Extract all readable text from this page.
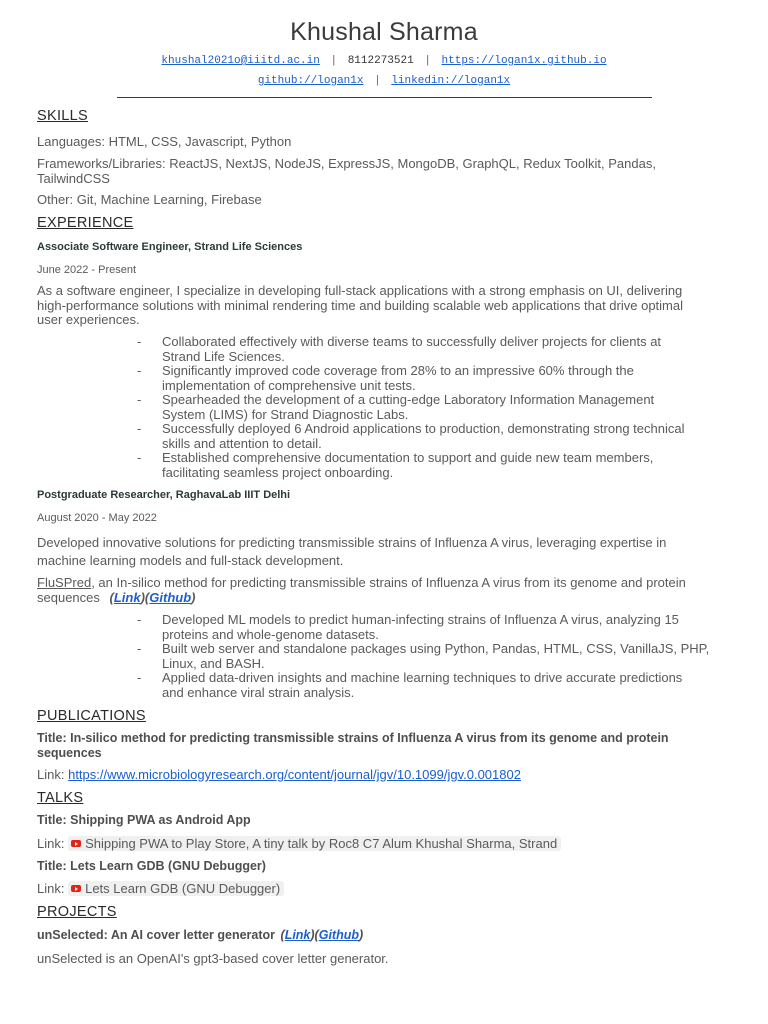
Khushal Sharma
khushal2021o@iiitd.ac.in | 8112273521 | https://logan1x.github.io
github://logan1x | linkedin://logan1x
SKILLS
Languages: HTML, CSS, Javascript, Python
Frameworks/Libraries: ReactJS, NextJS, NodeJS, ExpressJS, MongoDB, GraphQL, Redux Toolkit, Pandas,
TailwindCSS
Other: Git, Machine Learning, Firebase
EXPERIENCE
Associate Software Engineer, Strand Life Sciences
June 2022 - Present
As a software engineer, I specialize in developing full-stack applications with a strong emphasis on UI, delivering
high-performance solutions with minimal rendering time and building scalable web applications that drive optimal
user experiences.
- Collaborated effectively with diverse teams to successfully deliver projects for clients at
Strand Life Sciences.
- Significantly improved code coverage from 28% to an impressive 60% through the
implementation of comprehensive unit tests.
- Spearheaded the development of a cutting-edge Laboratory Information Management
System (LIMS) for Strand Diagnostic Labs.
- Successfully deployed 6 Android applications to production, demonstrating strong technical
skills and attention to detail.
- Established comprehensive documentation to support and guide new team members,
facilitating seamless project onboarding.
Postgraduate Researcher, RaghavaLab IIIT Delhi
August 2020 - May 2022
Developed innovative solutions for predicting transmissible strains of Influenza A virus, leveraging expertise in
machine learning models and full-stack development.
FluSPred, an In-silico method for predicting transmissible strains of Influenza A virus from its genome and protein
sequences (Link)(Github)
- Developed ML models to predict human-infecting strains of Influenza A virus, analyzing 15
proteins and whole-genome datasets.
- Built web server and standalone packages using Python, Pandas, HTML, CSS, VanillaJS, PHP,
Linux, and BASH.
- Applied data-driven insights and machine learning techniques to drive accurate predictions
and enhance viral strain analysis.
PUBLICATIONS
Title: In-silico method for predicting transmissible strains of Influenza A virus from its genome and protein
sequences
Link: https://www.microbiologyresearch.org/content/journal/jgv/10.1099/jgv.0.001802
TALKS
Title: Shipping PWA as Android App
Link: Shipping PWA to Play Store, A tiny talk by Roc8 C7 Alum Khushal Sharma, Strand
Title: Lets Learn GDB (GNU Debugger)
Link: Lets Learn GDB (GNU Debugger)
PROJECTS
unSelected: An AI cover letter generator (Link)(Github)
unSelected is an OpenAI's gpt3-based cover letter generator.
